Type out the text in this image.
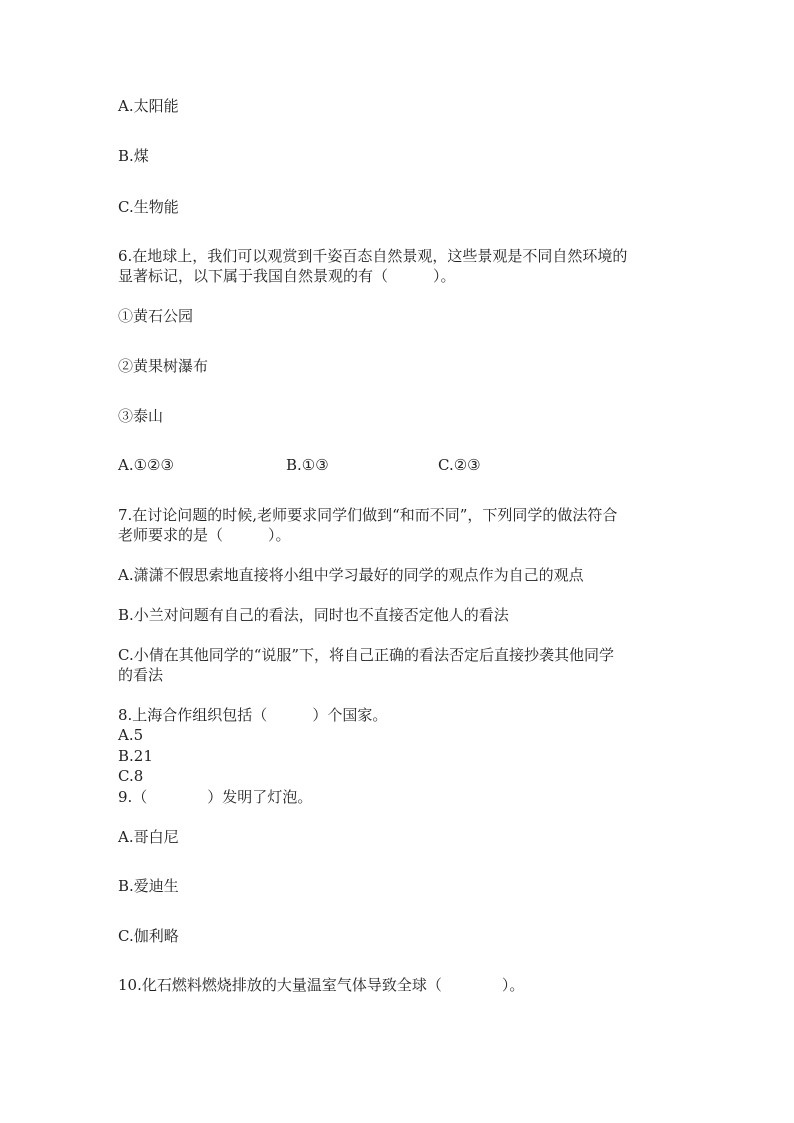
A.太阳能
B.煤
C.生物能
6.在地球上，我们可以观赏到千姿百态自然景观，这些景观是不同自然环境的
显著标记，以下属于我国自然景观的有（　　　）。
①黄石公园
②黄果树瀑布
③泰山
A.①②③	B.①③	C.②③
7.在讨论问题的时候,老师要求同学们做到“和而不同”，下列同学的做法符合
老师要求的是（　　　）。
A.潇潇不假思索地直接将小组中学习最好的同学的观点作为自己的观点
B.小兰对问题有自己的看法，同时也不直接否定他人的看法
C.小倩在其他同学的“说服”下，将自己正确的看法否定后直接抄袭其他同学
的看法
8.上海合作组织包括（　　　）个国家。
A.5
B.21
C.8
9.（　　　　）发明了灯泡。
A.哥白尼
B.爱迪生
C.伽利略
10.化石燃料燃烧排放的大量温室气体导致全球（　　　　）。
